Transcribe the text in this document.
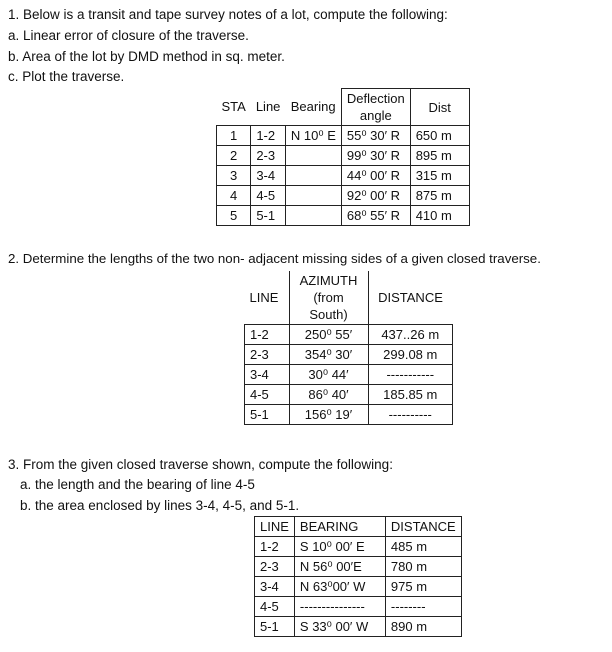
1. Below is a transit and tape survey notes of a lot, compute the following:
a. Linear error of closure of the traverse.
b. Area of the lot by DMD method in sq. meter.
c. Plot the traverse.
STA	Line	Bearing	Deflection
angle	Dist
1	1-2	N 10⁰ E	55⁰ 30′ R	650 m
2	2-3		99⁰ 30′ R	895 m
3	3-4		44⁰ 00′ R	315 m
4	4-5		92⁰ 00′ R	875 m
5	5-1		68⁰ 55′ R	410 m
2. Determine the lengths of the two non- adjacent missing sides of a given closed traverse.
LINE	AZIMUTH
(from
South)	DISTANCE
1-2	250⁰ 55′	437..26 m
2-3	354⁰ 30′	299.08 m
3-4	30⁰ 44′	-----------
4-5	86⁰ 40′	185.85 m
5-1	156⁰ 19′	----------
3. From the given closed traverse shown, compute the following:
a. the length and the bearing of line 4-5
b. the area enclosed by lines 3-4, 4-5, and 5-1.
LINE	BEARING	DISTANCE
1-2	S 10⁰ 00′ E	485 m
2-3	N 56⁰ 00′E	780 m
3-4	N 63⁰00′ W	975 m
4-5	---------------	--------
5-1	S 33⁰ 00′ W	890 m
